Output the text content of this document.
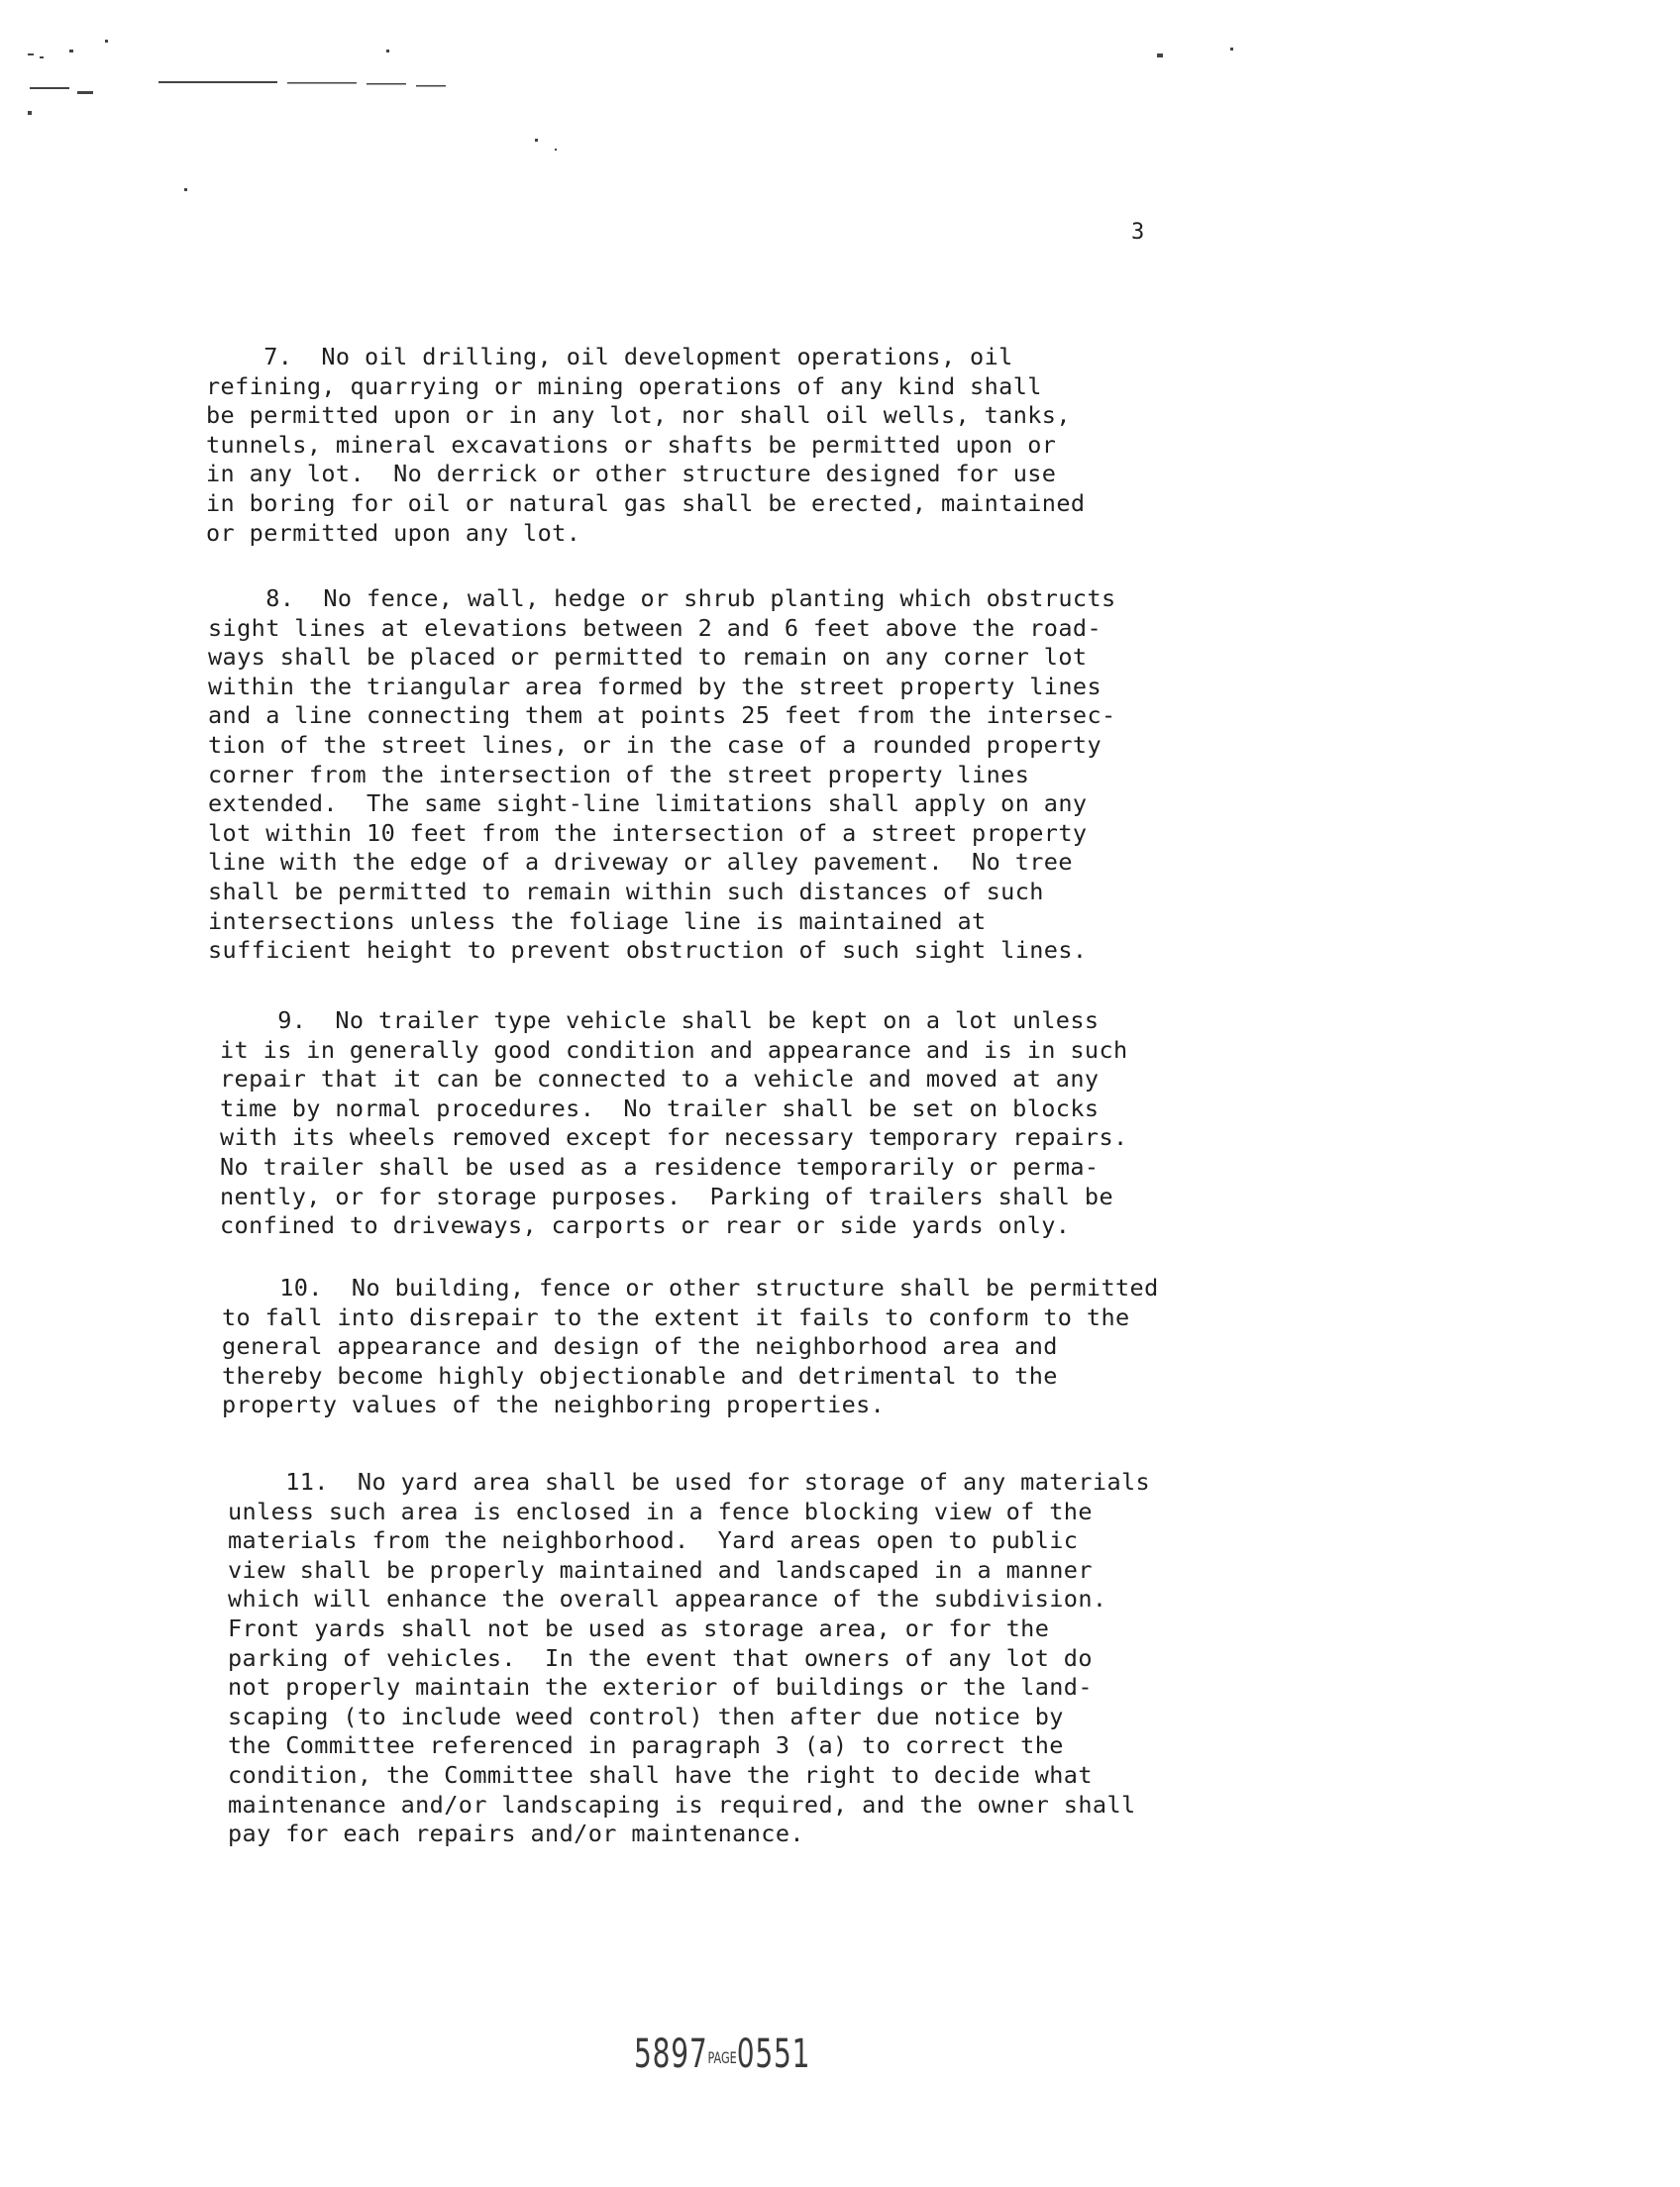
3
7.  No oil drilling, oil development operations, oil
refining, quarrying or mining operations of any kind shall
be permitted upon or in any lot, nor shall oil wells, tanks,
tunnels, mineral excavations or shafts be permitted upon or
in any lot.  No derrick or other structure designed for use
in boring for oil or natural gas shall be erected, maintained
or permitted upon any lot.
8.  No fence, wall, hedge or shrub planting which obstructs
sight lines at elevations between 2 and 6 feet above the road-
ways shall be placed or permitted to remain on any corner lot
within the triangular area formed by the street property lines
and a line connecting them at points 25 feet from the intersec-
tion of the street lines, or in the case of a rounded property
corner from the intersection of the street property lines
extended.  The same sight-line limitations shall apply on any
lot within 10 feet from the intersection of a street property
line with the edge of a driveway or alley pavement.  No tree
shall be permitted to remain within such distances of such
intersections unless the foliage line is maintained at
sufficient height to prevent obstruction of such sight lines.
9.  No trailer type vehicle shall be kept on a lot unless
it is in generally good condition and appearance and is in such
repair that it can be connected to a vehicle and moved at any
time by normal procedures.  No trailer shall be set on blocks
with its wheels removed except for necessary temporary repairs.
No trailer shall be used as a residence temporarily or perma-
nently, or for storage purposes.  Parking of trailers shall be
confined to driveways, carports or rear or side yards only.
10.  No building, fence or other structure shall be permitted
to fall into disrepair to the extent it fails to conform to the
general appearance and design of the neighborhood area and
thereby become highly objectionable and detrimental to the
property values of the neighboring properties.
11.  No yard area shall be used for storage of any materials
unless such area is enclosed in a fence blocking view of the
materials from the neighborhood.  Yard areas open to public
view shall be properly maintained and landscaped in a manner
which will enhance the overall appearance of the subdivision.
Front yards shall not be used as storage area, or for the
parking of vehicles.  In the event that owners of any lot do
not properly maintain the exterior of buildings or the land-
scaping (to include weed control) then after due notice by
the Committee referenced in paragraph 3 (a) to correct the
condition, the Committee shall have the right to decide what
maintenance and/or landscaping is required, and the owner shall
pay for each repairs and/or maintenance.
5897PAGE0551
